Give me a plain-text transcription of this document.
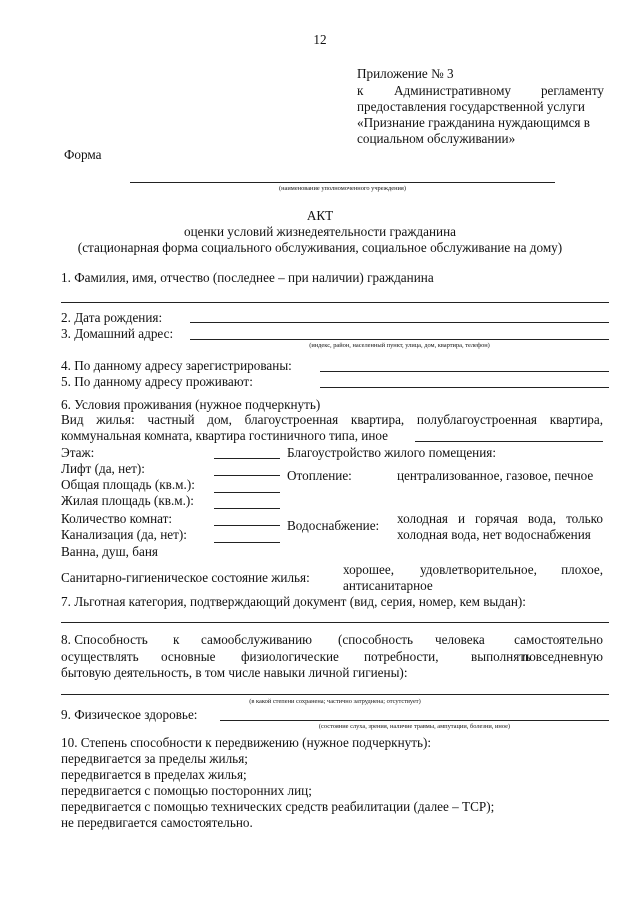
12
Приложение № 3
к Административному регламенту
предоставления государственной услуги
«Признание гражданина нуждающимся в
социальном обслуживании»
Форма
(наименование уполномоченного учреждения)
АКТ
оценки условий жизнедеятельности гражданина
(стационарная форма социального обслуживания, социальное обслуживание на дому)
1. Фамилия, имя, отчество (последнее – при наличии) гражданина
2. Дата рождения:
3. Домашний адрес:
(индекс, район, населенный пункт, улица, дом, квартира, телефон)
4. По данному адресу зарегистрированы:
5. По данному адресу проживают:
6. Условия проживания (нужное подчеркнуть)
Вид жилья: частный дом, благоустроенная квартира, полублагоустроенная квартира,
коммунальная комната, квартира гостиничного типа, иное
Этаж:	Благоустройство жилого помещения:
Лифт (да, нет):	Отопление:	централизованное, газовое, печное
Общая площадь (кв.м.):
Жилая площадь (кв.м.):
Количество комнат:	Водоснабжение: холодная и горячая вода, только
холодная вода, нет водоснабжения
Канализация (да, нет):
Ванна, душ, баня
Санитарно-гигиеническое состояние жилья:
хорошее, удовлетворительное, плохое,
антисанитарное
7. Льготная категория, подтверждающий документ (вид, серия, номер, кем выдан):
8. Способность к самообслуживанию (способность человека самостоятельно
осуществлять основные физиологические потребности, выполнять
повседневную
бытовую деятельность, в том числе навыки личной гигиены):
(в какой степени сохранена; частично затруднена; отсутствует)
9. Физическое здоровье:
(состояние слуха, зрения, наличие травмы, ампутации, болезни, иное)
10. Степень способности к передвижению (нужное подчеркнуть):
передвигается за пределы жилья;
передвигается в пределах жилья;
передвигается с помощью посторонних лиц;
передвигается с помощью технических средств реабилитации (далее – ТСР);
не передвигается самостоятельно.
